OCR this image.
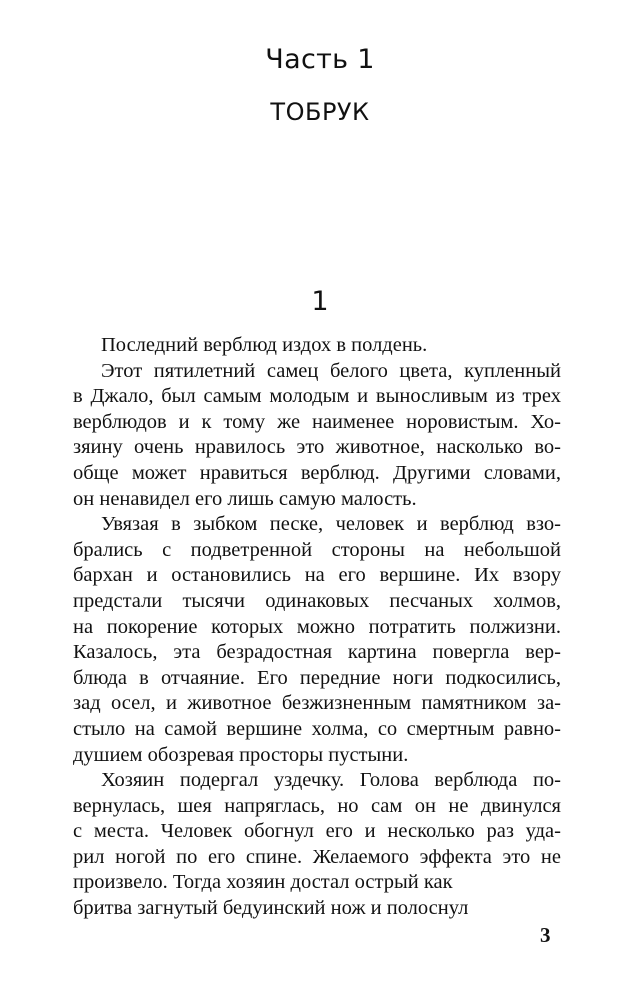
Часть 1
ТОБРУК
1
Последний верблюд издох в полдень.
Этот пятилетний самец белого цвета, купленный
в Джало, был самым молодым и выносливым из трех
верблюдов и к тому же наименее норовистым. Хо-
зяину очень нравилось это животное, насколько во-
обще может нравиться верблюд. Другими словами,
он ненавидел его лишь самую малость.
Увязая в зыбком песке, человек и верблюд взо-
брались с подветренной стороны на небольшой
бархан и остановились на его вершине. Их взору
предстали тысячи одинаковых песчаных холмов,
на покорение которых можно потратить полжизни.
Казалось, эта безрадостная картина повергла вер-
блюда в отчаяние. Его передние ноги подкосились,
зад осел, и животное безжизненным памятником за-
стыло на самой вершине холма, со смертным равно-
душием обозревая просторы пустыни.
Хозяин подергал уздечку. Голова верблюда по-
вернулась, шея напряглась, но сам он не двинулся
с места. Человек обогнул его и несколько раз уда-
рил ногой по его спине. Желаемого эффекта это не
произвело. Тогда хозяин достал острый как
бритва загнутый бедуинский нож и полоснул
3
